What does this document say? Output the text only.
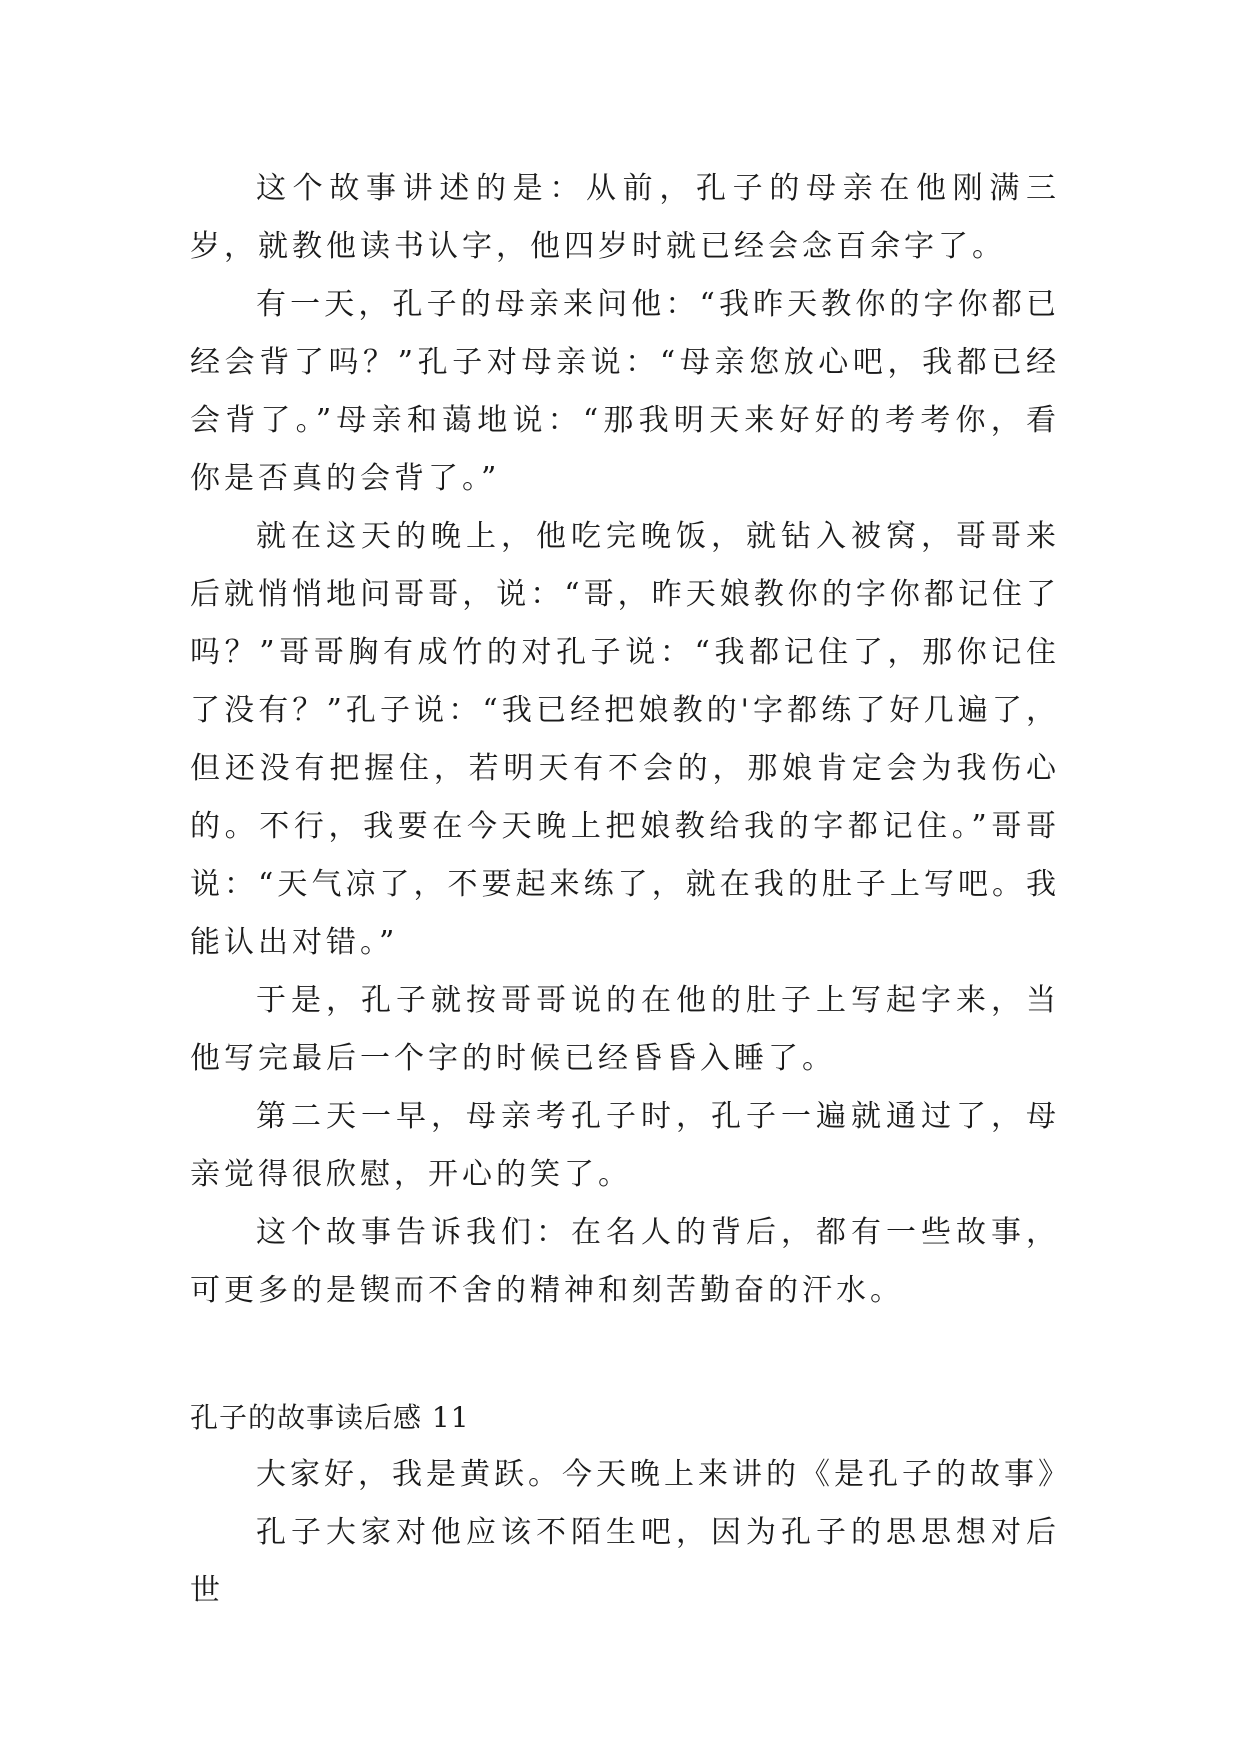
这个故事讲述的是：从前，孔子的母亲在他刚满三岁，就教他读书认字，他四岁时就已经会念百余字了。

有一天，孔子的母亲来问他：“我昨天教你的字你都已经会背了吗？”孔子对母亲说：“母亲您放心吧，我都已经会背了。”母亲和蔼地说：“那我明天来好好的考考你，看你是否真的会背了。”

就在这天的晚上，他吃完晚饭，就钻入被窝，哥哥来后就悄悄地问哥哥，说：“哥，昨天娘教你的字你都记住了吗？”哥哥胸有成竹的对孔子说：“我都记住了，那你记住了没有？”孔子说：“我已经把娘教的'字都练了好几遍了，但还没有把握住，若明天有不会的，那娘肯定会为我伤心的。不行，我要在今天晚上把娘教给我的字都记住。”哥哥说：“天气凉了，不要起来练了，就在我的肚子上写吧。我能认出对错。”

于是，孔子就按哥哥说的在他的肚子上写起字来，当他写完最后一个字的时候已经昏昏入睡了。

第二天一早，母亲考孔子时，孔子一遍就通过了，母亲觉得很欣慰，开心的笑了。

这个故事告诉我们：在名人的背后，都有一些故事，可更多的是锲而不舍的精神和刻苦勤奋的汗水。

孔子的故事读后感 11

大家好，我是黄跃。今天晚上来讲的《是孔子的故事》

孔子大家对他应该不陌生吧，因为孔子的思思想对后世
